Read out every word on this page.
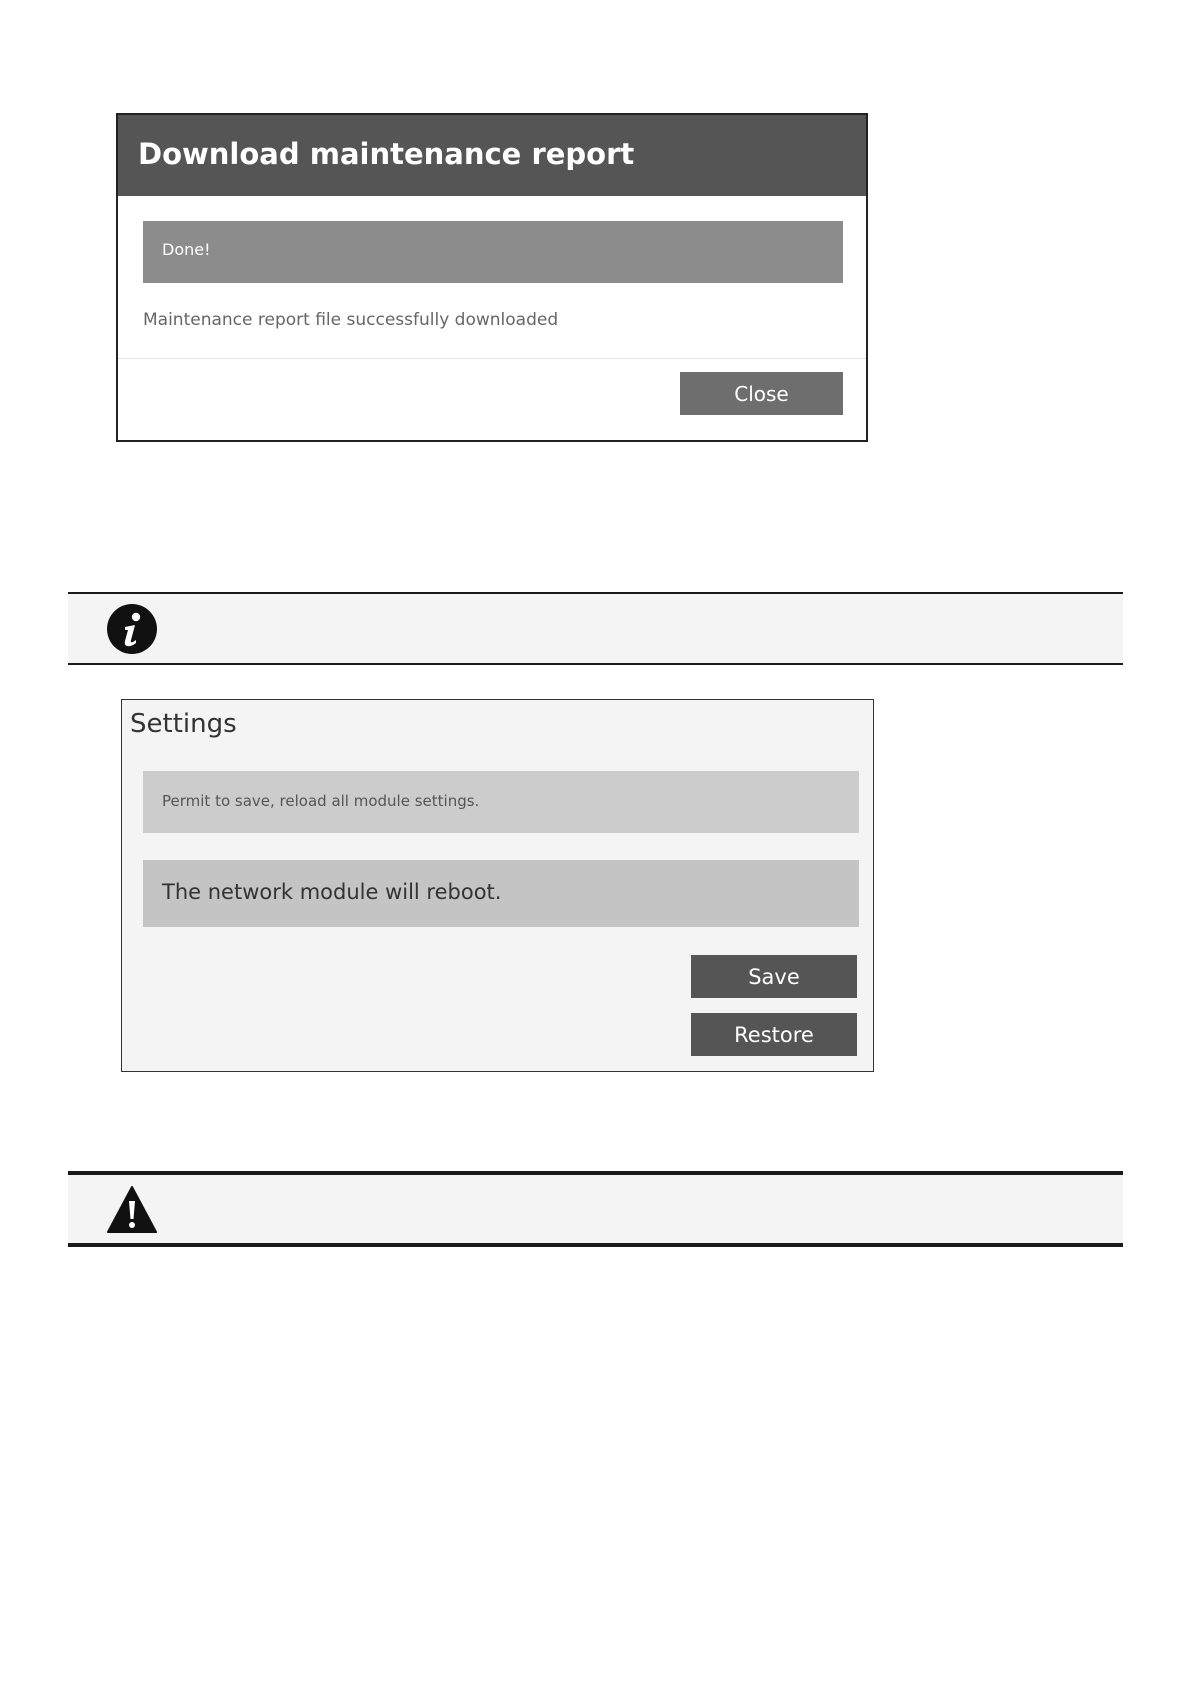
Download maintenance report
Done!
Maintenance report file successfully downloaded
Close
Settings
Permit to save, reload all module settings.
The network module will reboot.
Save
Restore
